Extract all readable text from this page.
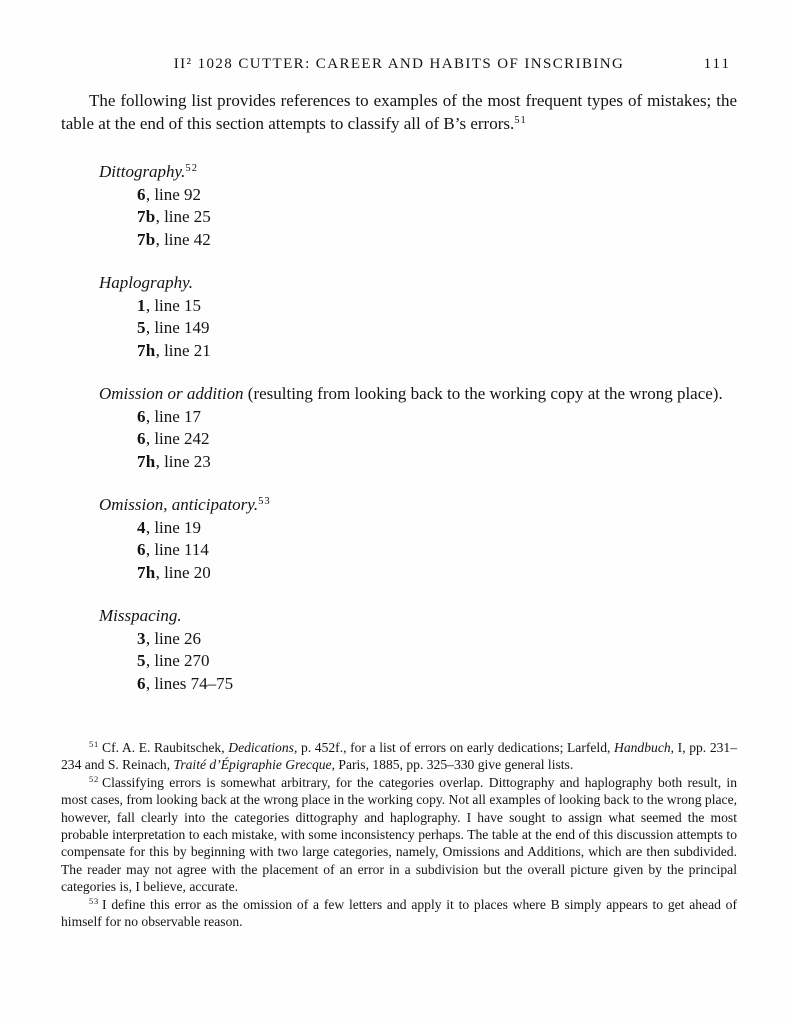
II² 1028 CUTTER: CAREER AND HABITS OF INSCRIBING	111

The following list provides references to examples of the most frequent types of mistakes; the table at the end of this section attempts to classify all of B’s errors.$^{51}$

Dittography.$^{52}$

6, line 92

7b, line 25

7b, line 42

Haplography.

1, line 15

5, line 149

7h, line 21

Omission or addition (resulting from looking back to the working copy at the wrong place).

6, line 17

6, line 242

7h, line 23

Omission, anticipatory.$^{53}$

4, line 19

6, line 114

7h, line 20

Misspacing.

3, line 26

5, line 270

6, lines 74–75

$^{51}$ Cf. A. E. Raubitschek, Dedications, p. 452f., for a list of errors on early dedications; Larfeld, Handbuch, I, pp. 231–234 and S. Reinach, Traité d’Épigraphie Grecque, Paris, 1885, pp. 325–330 give general lists.

$^{52}$ Classifying errors is somewhat arbitrary, for the categories overlap. Dittography and haplography both result, in most cases, from looking back at the wrong place in the working copy. Not all examples of looking back to the wrong place, however, fall clearly into the categories dittography and haplography. I have sought to assign what seemed the most probable interpretation to each mistake, with some inconsistency perhaps. The table at the end of this discussion attempts to compensate for this by beginning with two large categories, namely, Omissions and Additions, which are then subdivided. The reader may not agree with the placement of an error in a subdivision but the overall picture given by the principal categories is, I believe, accurate.

$^{53}$ I define this error as the omission of a few letters and apply it to places where B simply appears to get ahead of himself for no observable reason.
